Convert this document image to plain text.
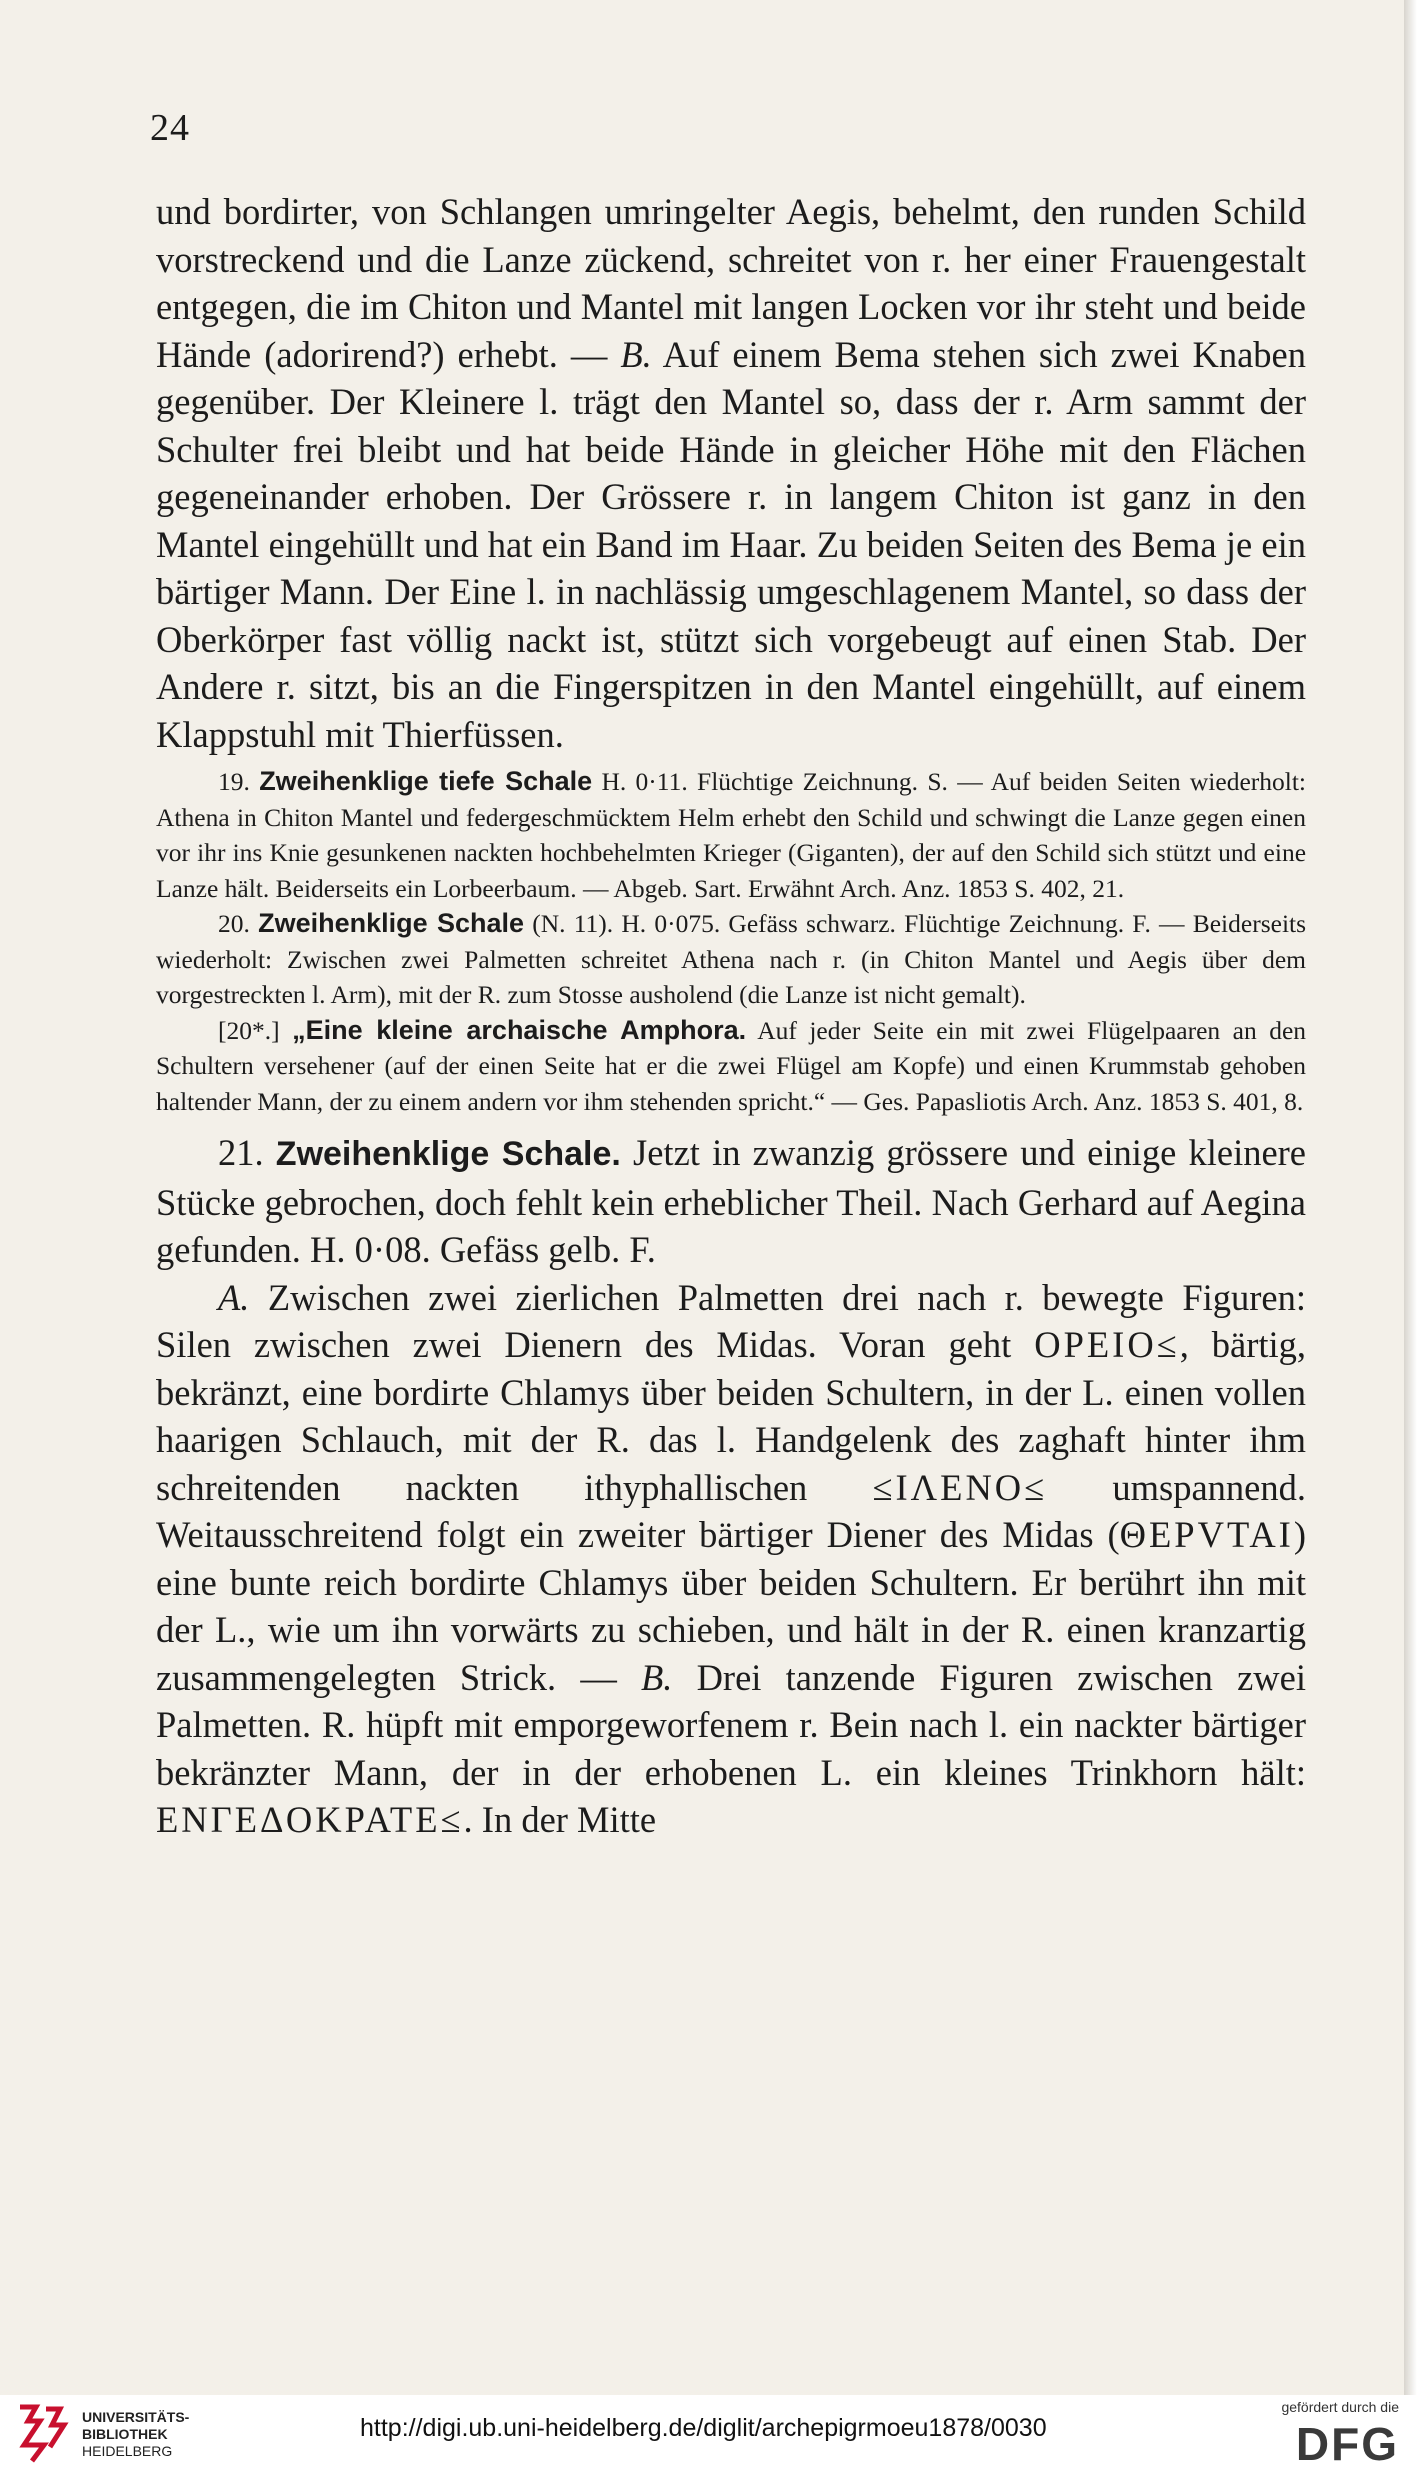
24

und bordirter, von Schlangen umringelter Aegis, behelmt, den runden Schild vorstreckend und die Lanze zückend, schreitet von r. her einer Frauengestalt entgegen, die im Chiton und Mantel mit langen Locken vor ihr steht und beide Hände (adorirend?) erhebt. — B. Auf einem Bema stehen sich zwei Knaben gegenüber. Der Kleinere l. trägt den Mantel so, dass der r. Arm sammt der Schulter frei bleibt und hat beide Hände in gleicher Höhe mit den Flächen gegeneinander erhoben. Der Grössere r. in langem Chiton ist ganz in den Mantel eingehüllt und hat ein Band im Haar. Zu beiden Seiten des Bema je ein bärtiger Mann. Der Eine l. in nachlässig umgeschlagenem Mantel, so dass der Oberkörper fast völlig nackt ist, stützt sich vorgebeugt auf einen Stab. Der Andere r. sitzt, bis an die Fingerspitzen in den Mantel eingehüllt, auf einem Klappstuhl mit Thierfüssen.

19. Zweihenklige tiefe Schale H. 0·11. Flüchtige Zeichnung. S. — Auf beiden Seiten wiederholt: Athena in Chiton Mantel und federgeschmücktem Helm erhebt den Schild und schwingt die Lanze gegen einen vor ihr ins Knie gesunkenen nackten hochbehelmten Krieger (Giganten), der auf den Schild sich stützt und eine Lanze hält. Beiderseits ein Lorbeerbaum. — Abgeb. Sart. Erwähnt Arch. Anz. 1853 S. 402, 21.

20. Zweihenklige Schale (N. 11). H. 0·075. Gefäss schwarz. Flüchtige Zeichnung. F. — Beiderseits wiederholt: Zwischen zwei Palmetten schreitet Athena nach r. (in Chiton Mantel und Aegis über dem vorgestreckten l. Arm), mit der R. zum Stosse ausholend (die Lanze ist nicht gemalt).

[20*.] „Eine kleine archaische Amphora. Auf jeder Seite ein mit zwei Flügelpaaren an den Schultern versehener (auf der einen Seite hat er die zwei Flügel am Kopfe) und einen Krummstab gehoben haltender Mann, der zu einem andern vor ihm stehenden spricht.“ — Ges. Papasliotis Arch. Anz. 1853 S. 401, 8.

21. Zweihenklige Schale. Jetzt in zwanzig grössere und einige kleinere Stücke gebrochen, doch fehlt kein erheblicher Theil. Nach Gerhard auf Aegina gefunden. H. 0·08. Gefäss gelb. F.

A. Zwischen zwei zierlichen Palmetten drei nach r. bewegte Figuren: Silen zwischen zwei Dienern des Midas. Voran geht ΟΡΕΙΟ≤, bärtig, bekränzt, eine bordirte Chlamys über beiden Schultern, in der L. einen vollen haarigen Schlauch, mit der R. das l. Handgelenk des zaghaft hinter ihm schreitenden nackten ithyphallischen ≤ΙΛΕΝΟ≤ umspannend. Weitausschreitend folgt ein zweiter bärtiger Diener des Midas (ΘΕΡVΤΑΙ) eine bunte reich bordirte Chlamys über beiden Schultern. Er berührt ihn mit der L., wie um ihn vorwärts zu schieben, und hält in der R. einen kranzartig zusammengelegten Strick. — B. Drei tanzende Figuren zwischen zwei Palmetten. R. hüpft mit emporgeworfenem r. Bein nach l. ein nackter bärtiger bekränzter Mann, der in der erhobenen L. ein kleines Trinkhorn hält: ΕΝΓΕΔΟΚΡΑΤΕ≤. In der Mitte

UNIVERSITÄTS-
BIBLIOTHEK
HEIDELBERG
http://digi.ub.uni-heidelberg.de/diglit/archepigrmoeu1878/0030
gefördert durch die
DFG
